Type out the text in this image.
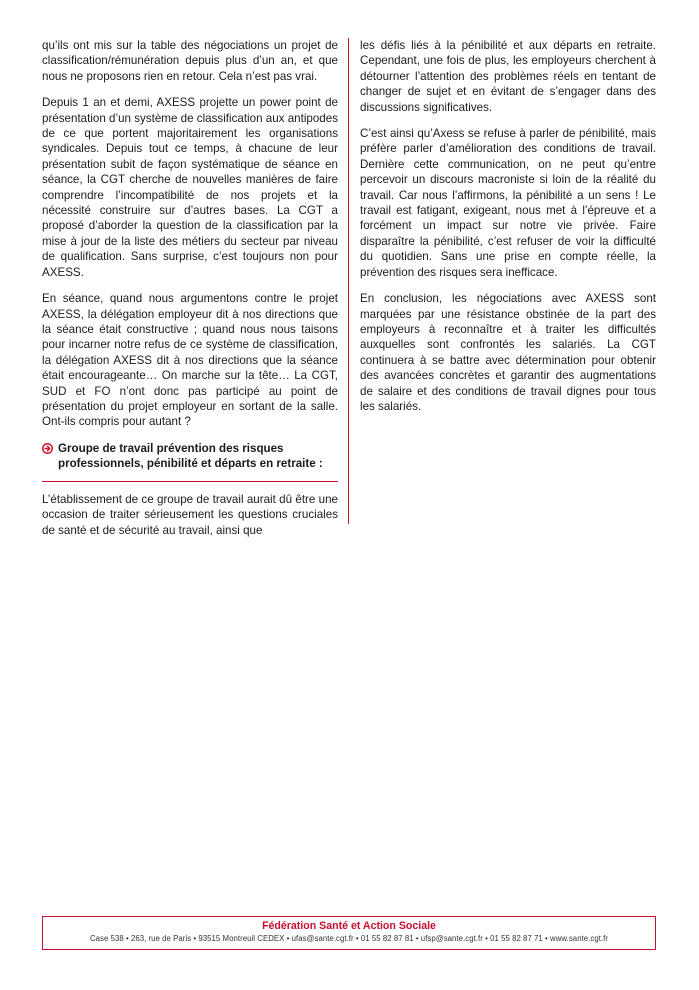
qu’ils ont mis sur la table des négociations un projet de classification/rémunération depuis plus d’un an, et que nous ne proposons rien en retour. Cela n’est pas vrai.

Depuis 1 an et demi, AXESS projette un power point de présentation d’un système de classification aux antipodes de ce que portent majoritairement les organisations syndicales. Depuis tout ce temps, à chacune de leur présentation subit de façon systématique de séance en séance, la CGT cherche de nouvelles manières de faire comprendre l’incompatibilité de nos projets et la nécessité construire sur d’autres bases. La CGT a proposé d’aborder la question de la classification par la mise à jour de la liste des métiers du secteur par niveau de qualification. Sans surprise, c’est toujours non pour AXESS.

En séance, quand nous argumentons contre le projet AXESS, la délégation employeur dit à nos directions que la séance était constructive ; quand nous nous taisons pour incarner notre refus de ce système de classification, la délégation AXESS dit à nos directions que la séance était encourageante… On marche sur la tête… La CGT, SUD et FO n’ont donc pas participé au point de présentation du projet employeur en sortant de la salle. Ont-ils compris pour autant ?

Groupe de travail prévention des risques professionnels, pénibilité et départs en retraite :

L’établissement de ce groupe de travail aurait dû être une occasion de traiter sérieusement les questions cruciales de santé et de sécurité au travail, ainsi que

les défis liés à la pénibilité et aux départs en retraite. Cependant, une fois de plus, les employeurs cherchent à détourner l’attention des problèmes réels en tentant de changer de sujet et en évitant de s’engager dans des discussions significatives.

C’est ainsi qu’Axess se refuse à parler de pénibilité, mais préfère parler d’amélioration des conditions de travail. Dernière cette communication, on ne peut qu’entre percevoir un discours macroniste si loin de la réalité du travail. Car nous l’affirmons, la pénibilité a un sens ! Le travail est fatigant, exigeant, nous met à l’épreuve et a forcément un impact sur notre vie privée. Faire disparaître la pénibilité, c’est refuser de voir la difficulté du quotidien. Sans une prise en compte réelle, la prévention des risques sera inefficace.

En conclusion, les négociations avec AXESS sont marquées par une résistance obstinée de la part des employeurs à reconnaître et à traiter les difficultés auxquelles sont confrontés les salariés. La CGT continuera à se battre avec détermination pour obtenir des avancées concrètes et garantir des augmentations de salaire et des conditions de travail dignes pour tous les salariés.

Fédération Santé et Action Sociale
Case 538 • 263, rue de Paris • 93515 Montreuil CEDEX • ufas@sante.cgt.fr • 01 55 82 87 81 • ufsp@sante.cgt.fr • 01 55 82 87 71 • www.sante.cgt.fr
